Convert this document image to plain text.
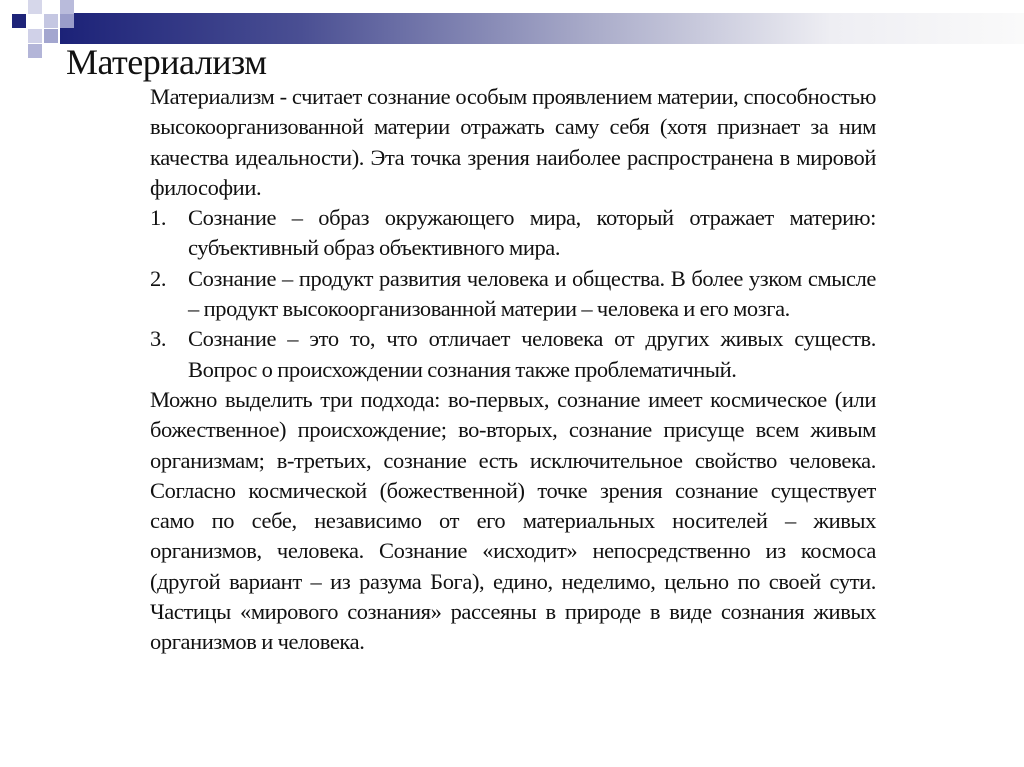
Материализм

Материализм - считает сознание особым проявлением материи, способностью высокоорганизованной материи отражать саму себя (хотя признает за ним качества идеальности). Эта точка зрения наиболее распространена в мировой философии.

1. Сознание – образ окружающего мира, который отражает материю: субъективный образ объективного мира.
2. Сознание – продукт развития человека и общества. В более узком смысле – продукт высокоорганизованной материи – человека и его мозга.
3. Сознание – это то, что отличает человека от других живых существ. Вопрос о происхождении сознания также проблематичный.

Можно выделить три подхода: во-первых, сознание имеет космическое (или божественное) происхождение; во-вторых, сознание присуще всем живым организмам; в-третьих, сознание есть исключительное свойство человека. Согласно космической (божественной) точке зрения сознание существует само по себе, независимо от его материальных носителей – живых организмов, человека. Сознание «исходит» непосредственно из космоса (другой вариант – из разума Бога), едино, неделимо, цельно по своей сути. Частицы «мирового сознания» рассеяны в природе в виде сознания живых организмов и человека.
